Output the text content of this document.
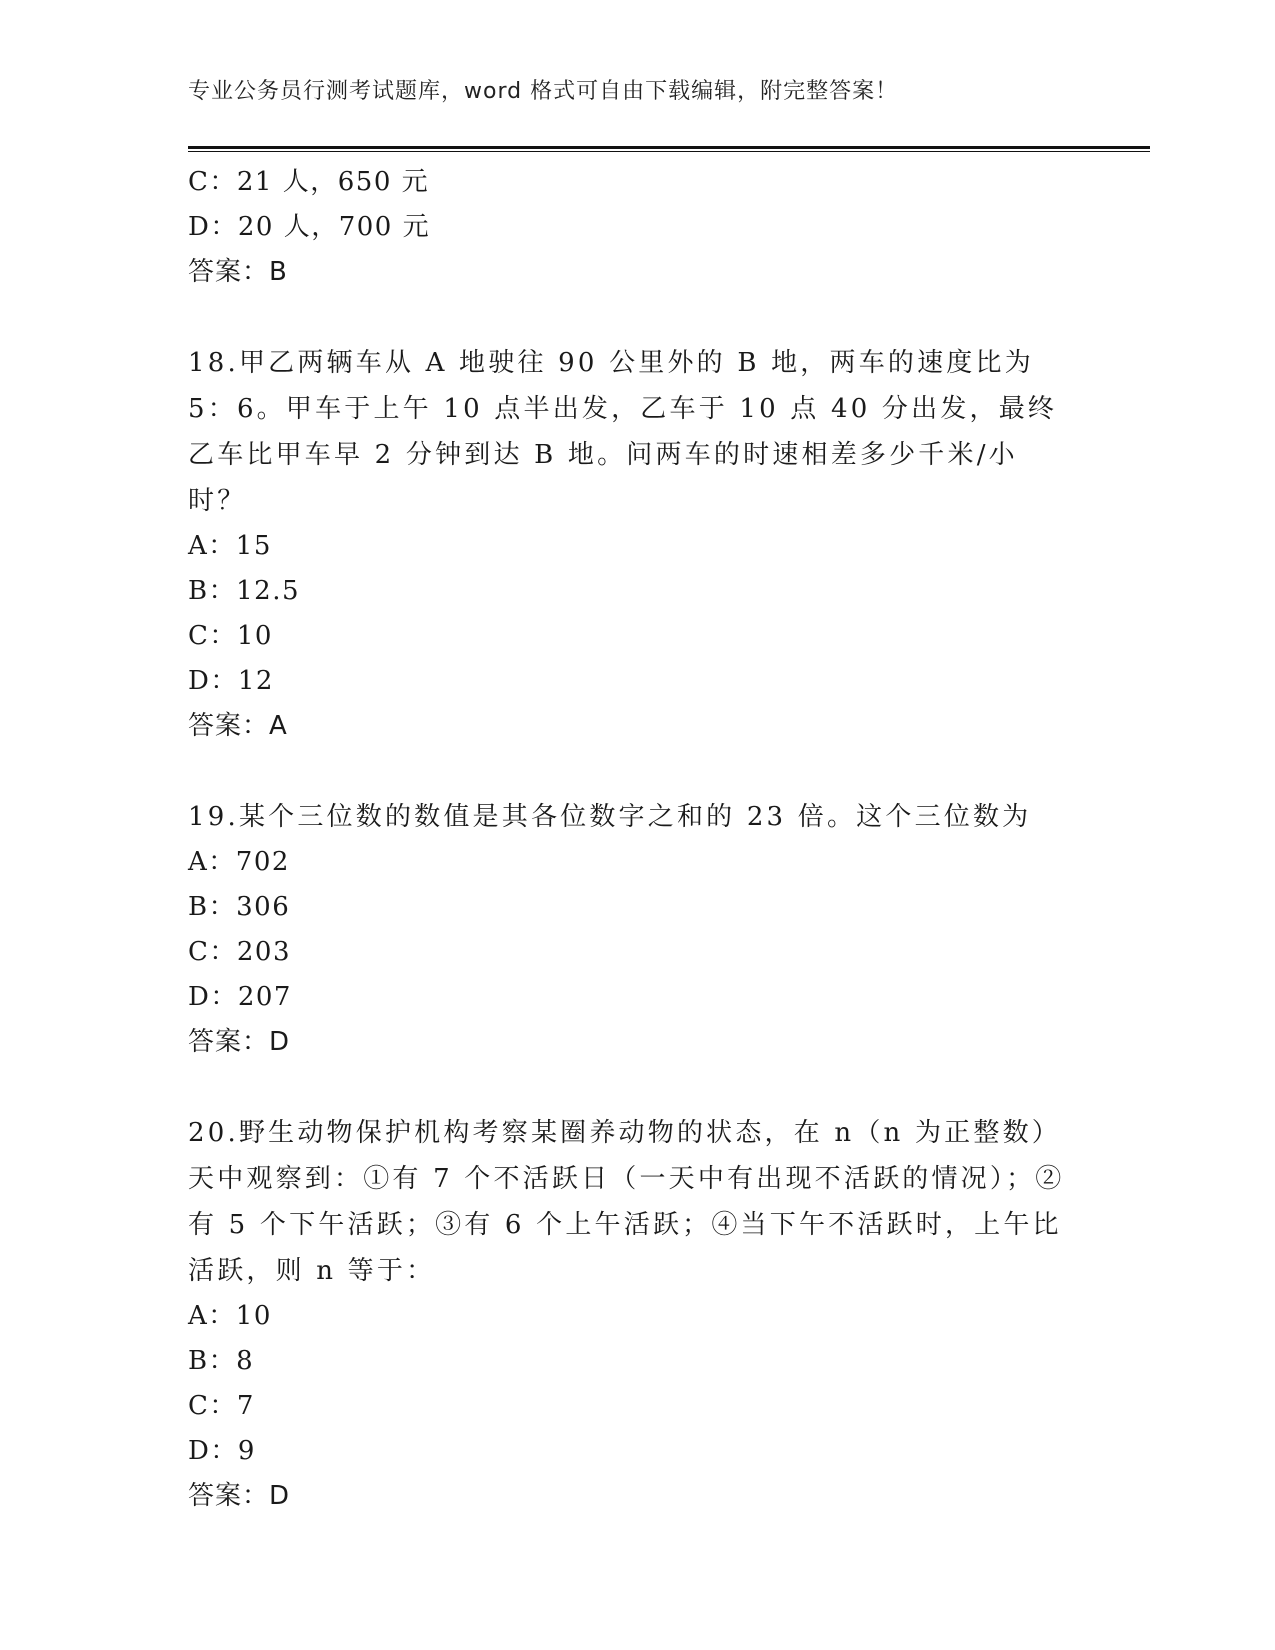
专业公务员行测考试题库，word 格式可自由下载编辑，附完整答案！
C：21 人，650 元
D：20 人，700 元
答案：B
18.甲乙两辆车从 A 地驶往 90 公里外的 B 地，两车的速度比为 5：6。甲车于上午 10 点半出发，乙车于 10 点 40 分出发，最终乙车比甲车早 2 分钟到达 B 地。问两车的时速相差多少千米/小时？
A：15
B：12.5
C：10
D：12
答案：A
19.某个三位数的数值是其各位数字之和的 23 倍。这个三位数为
A：702
B：306
C：203
D：207
答案：D
20.野生动物保护机构考察某圈养动物的状态，在 n（n 为正整数）天中观察到：①有 7 个不活跃日（一天中有出现不活跃的情况）；②有 5 个下午活跃；③有 6 个上午活跃；④当下午不活跃时，上午比活跃，则 n 等于：
A：10
B：8
C：7
D：9
答案：D
